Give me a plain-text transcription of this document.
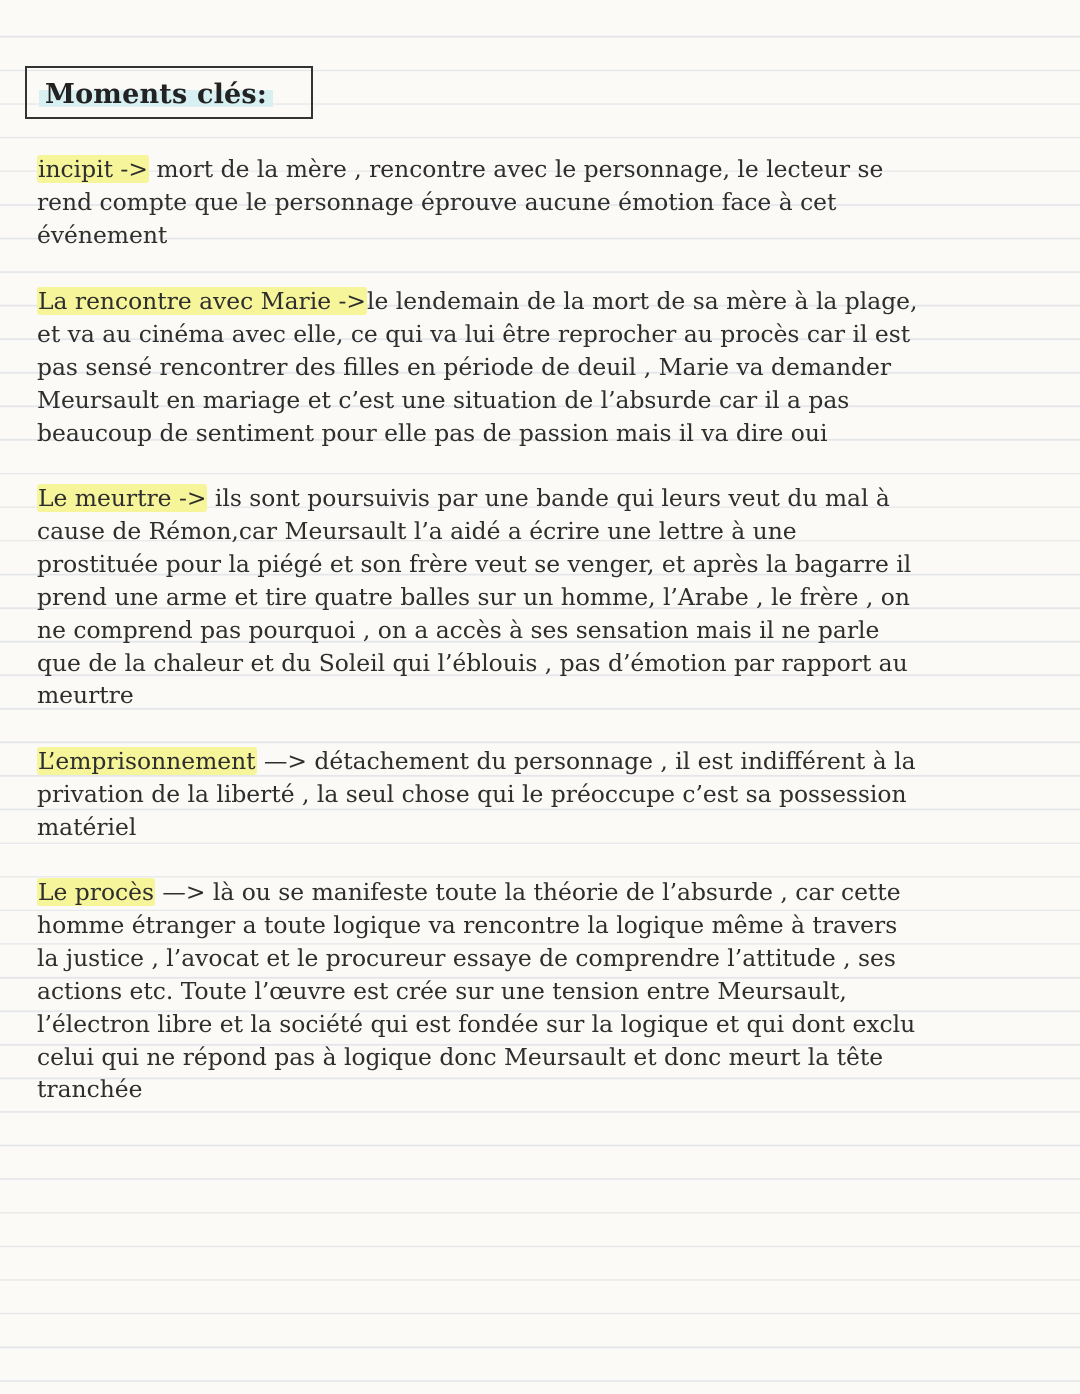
Moments clés:
incipit -> mort de la mère , rencontre avec le personnage, le lecteur se
rend compte que le personnage éprouve aucune émotion face à cet
événement
La rencontre avec Marie ->le lendemain de la mort de sa mère à la plage,
et va au cinéma avec elle, ce qui va lui être reprocher au procès car il est
pas sensé rencontrer des filles en période de deuil , Marie va demander
Meursault en mariage et c’est une situation de l’absurde car il a pas
beaucoup de sentiment pour elle pas de passion mais il va dire oui
Le meurtre -> ils sont poursuivis par une bande qui leurs veut du mal à
cause de Rémon,car Meursault l’a aidé a écrire une lettre à une
prostituée pour la piégé et son frère veut se venger, et après la bagarre il
prend une arme et tire quatre balles sur un homme, l’Arabe , le frère , on
ne comprend pas pourquoi , on a accès à ses sensation mais il ne parle
que de la chaleur et du Soleil qui l’éblouis , pas d’émotion par rapport au
meurtre
L’emprisonnement —> détachement du personnage , il est indifférent à la
privation de la liberté , la seul chose qui le préoccupe c’est sa possession
matériel
Le procès —> là ou se manifeste toute la théorie de l’absurde , car cette
homme étranger a toute logique va rencontre la logique même à travers
la justice , l’avocat et le procureur essaye de comprendre l’attitude , ses
actions etc. Toute l’œuvre est crée sur une tension entre Meursault,
l’électron libre et la société qui est fondée sur la logique et qui dont exclu
celui qui ne répond pas à logique donc Meursault et donc meurt la tête
tranchée
